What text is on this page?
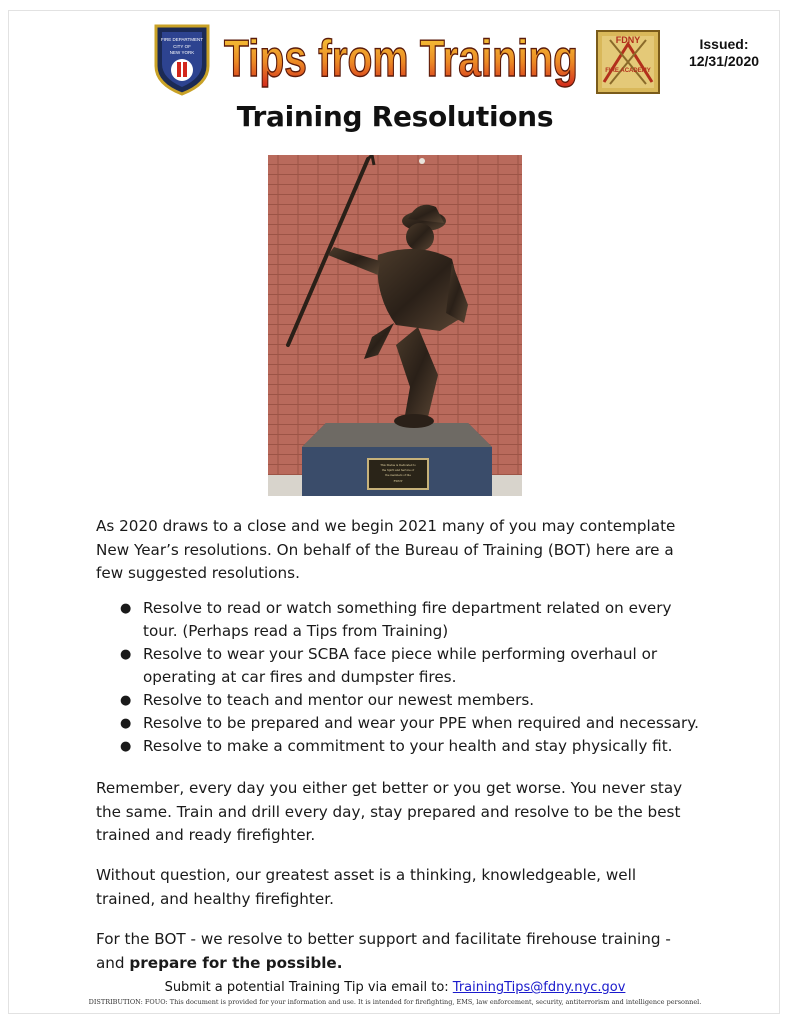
FIRE DEPARTMENT
CITY OF
NEW YORK Tips from Training	FDNY
FIRE ACADEMY
Issued:
12/31/2020
Training Resolutions
This Statue is Dedicated to
the Spirit and Service of
the members of the
FDNY
As 2020 draws to a close and we begin 2021 many of you may contemplate New Year’s resolutions. On behalf of the Bureau of Training (BOT) here are a few suggested resolutions.
● Resolve to read or watch something fire department related on every tour. (Perhaps read a Tips from Training)
● Resolve to wear your SCBA face piece while performing overhaul or operating at car fires and dumpster fires.
● Resolve to teach and mentor our newest members.
● Resolve to be prepared and wear your PPE when required and necessary.
● Resolve to make a commitment to your health and stay physically fit.
Remember, every day you either get better or you get worse. You never stay the same. Train and drill every day, stay prepared and resolve to be the best trained and ready firefighter.
Without question, our greatest asset is a thinking, knowledgeable, well trained, and healthy firefighter.
For the BOT - we resolve to better support and facilitate firehouse training - and prepare for the possible.
Submit a potential Training Tip via email to: TrainingTips@fdny.nyc.gov
DISTRIBUTION: FOUO: This document is provided for your information and use. It is intended for firefighting, EMS, law enforcement, security, antiterrorism and intelligence personnel.
